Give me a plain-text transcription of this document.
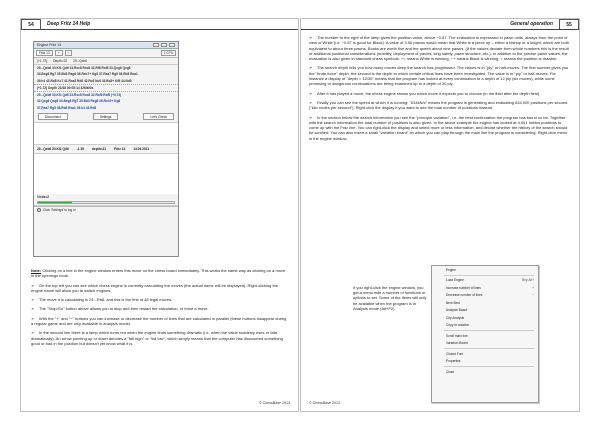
54	Deep Fritz 14 Help
Engine Fritz 13
Fritz 13	+	−	1 CPU
(+1.72) Depth=22 29...Qxb6
29...Qxb6 30.Kf1 Qd6 31.Rxc8 Rxc8 32.Rf8 Rxf8 33.Qxg6 Qxg6
34.Bxg6 Rg7 35.Bd3 Rxg6 36.Rxh7+ Kg8 37.Rxa7 Rg5 38.Rb8 Rxa1
39.h4 43.Rd8 Kc7 41.Rxa2 Rd8 42.Rc6 Nc6 43.Bd3+ Kf8 44.Nd5
(+1.72) Depth 21/48 00:05:14 32MkN/s
29...Qxb6 30.Kf1 Qd6 31.Rxc8 Rxc8 32.Rxf8 Rxf8 (+0.72)
32.Qxg6 Qxg6 34.Bxg6 Rg7 35.Bd3 Rxg6 36.Rxh7+ Kg8
37.Rxa7 Rg5 38.Rb8 Rxa1 39.h4 43.Rd8
Disconnect	Settings	Let's Check
29...Qxb6 30.Kf1 Qd6	-1.39	depth=21	Fritz 13	14.09.2011
Visits=2
Click 'Settings' to log in

Note: Clicking on a line in the engine window enters this move on the chess board immediately. This works the same way as clicking on a move in the openings book.

➢ On the top left you can see which chess engine is currently calculating the moves (the actual name will be displayed). Right-clicking the engine name will allow you to switch engines.

➢ The move it is calculating is 24...Rb8, and this is the first of 48 legal moves.

➢ The "Stop/Go" button above allows you to stop and then restart the calculation, or force a move.

➢ With the "+" and "−" buttons you can increase or decrease the number of lines that are calculated in parallel (these buttons disappear during a regular game and are only available in analysis mode).

➢ In the second line there is a lamp which turns red when the engine finds something dramatic (i.e. when the value suddenly rises or falls dramatically). An arrow pointing up or down denotes a "fail high" or "fail low", which simply means that the computer has discovered something good or bad in the position but doesn't yet know what it is.

© ChessBase 2013
General operation	55

➢ The number to the right of the lamp gives the position value, above −0.87. The evaluation is expressed in pawn units, always from the point of view of White (i.e. −0.87 is good for Black). A value of 3.00 pawns would mean that White is a piece up – either a bishop or a knight, which are both equivalent to about three pawns. Books are worth five and the queen about nine pawns. (If the values deviate from whole numbers this is the result of additional positional considerations (mobility, deployment of pieces, king safety, pawn structure, etc.). In addition to the precise pawn values, the evaluation is also given in standard chess symbols: += means White is winning, −+ means Black is winning, = means the position is drawish.

➢ The search depth tells you how many moves deep the search has progressed. The values is in "ply" or half-moves. The first number gives you the "brute force" depth, the second is the depth to which certain critical lines have been investigated. The value is in "ply" or half-moves. For instance a display of "depth = 12/30" means that the program has looked at every continuation to a depth of 12 ply (six moves), while some promising or dangerous continuations are being examined up to a depth of 30 ply.

➢ After it has played a move, the chess engine shows you which move it expects you to choose (in the field after the depth field).

➢ Finally you can see the speed at which it is running: "634kN/s" means the program is generating and evaluating 634,000 positions per second ("kilo nodes per second"). Right-click the display if you want to see the total number of positions instead.

➢ In the section below the search information you see the "principle variation", i.e. the best continuation the program has found so far. Together with the search information the total number of positions is also given. In the above example the engine has looked at 4,061 million positions to come up with the Fritz line. You can right-click the display and select more or less information, and decide whether the history of the search should be scrolled. You can also insert a small "variation board" on which you can play through the main line the program is considering. Right-click menu in the engine window.

If you right-click the engine window, you get a menu with a number of functions or options to set. Some of the items will only be available when the program is in Analysis mode (Alt+F2).
Engine
Load Engine	Rep Alt+
Increase number of lines	+
Decrease number of lines	−
Next Best
Analysis Board
Clip Analysis
Copy to notation
Scroll main line
Variation Board
Closed Font
Properties
Close
© ChessBase 2013
